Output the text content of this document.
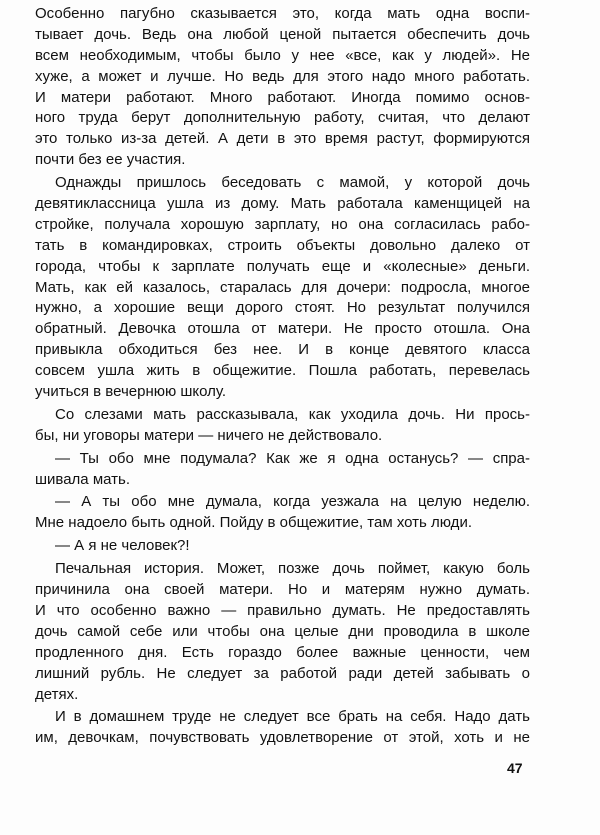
Особенно пагубно сказывается это, когда мать одна воспи-
тывает дочь. Ведь она любой ценой пытается обеспечить дочь
всем необходимым, чтобы было у нее «все, как у людей». Не
хуже, а может и лучше. Но ведь для этого надо много работать.
И матери работают. Много работают. Иногда помимо основ-
ного труда берут дополнительную работу, считая, что делают
это только из-за детей. А дети в это время растут, формируются
почти без ее участия.
Однажды пришлось беседовать с мамой, у которой дочь
девятиклассница ушла из дому. Мать работала каменщицей на
стройке, получала хорошую зарплату, но она согласилась рабо-
тать в командировках, строить объекты довольно далеко от
города, чтобы к зарплате получать еще и «колесные» деньги.
Мать, как ей казалось, старалась для дочери: подросла, многое
нужно, а хорошие вещи дорого стоят. Но результат получился
обратный. Девочка отошла от матери. Не просто отошла. Она
привыкла обходиться без нее. И в конце девятого класса
совсем ушла жить в общежитие. Пошла работать, перевелась
учиться в вечернюю школу.
Со слезами мать рассказывала, как уходила дочь. Ни прось-
бы, ни уговоры матери — ничего не действовало.
— Ты обо мне подумала? Как же я одна останусь? — спра-
шивала мать.
— А ты обо мне думала, когда уезжала на целую неделю.
Мне надоело быть одной. Пойду в общежитие, там хоть люди.
— А я не человек?!
Печальная история. Может, позже дочь поймет, какую боль
причинила она своей матери. Но и матерям нужно думать.
И что особенно важно — правильно думать. Не предоставлять
дочь самой себе или чтобы она целые дни проводила в школе
продленного дня. Есть гораздо более важные ценности, чем
лишний рубль. Не следует за работой ради детей забывать о
детях.
И в домашнем труде не следует все брать на себя. Надо дать
им, девочкам, почувствовать удовлетворение от этой, хоть и не
47
